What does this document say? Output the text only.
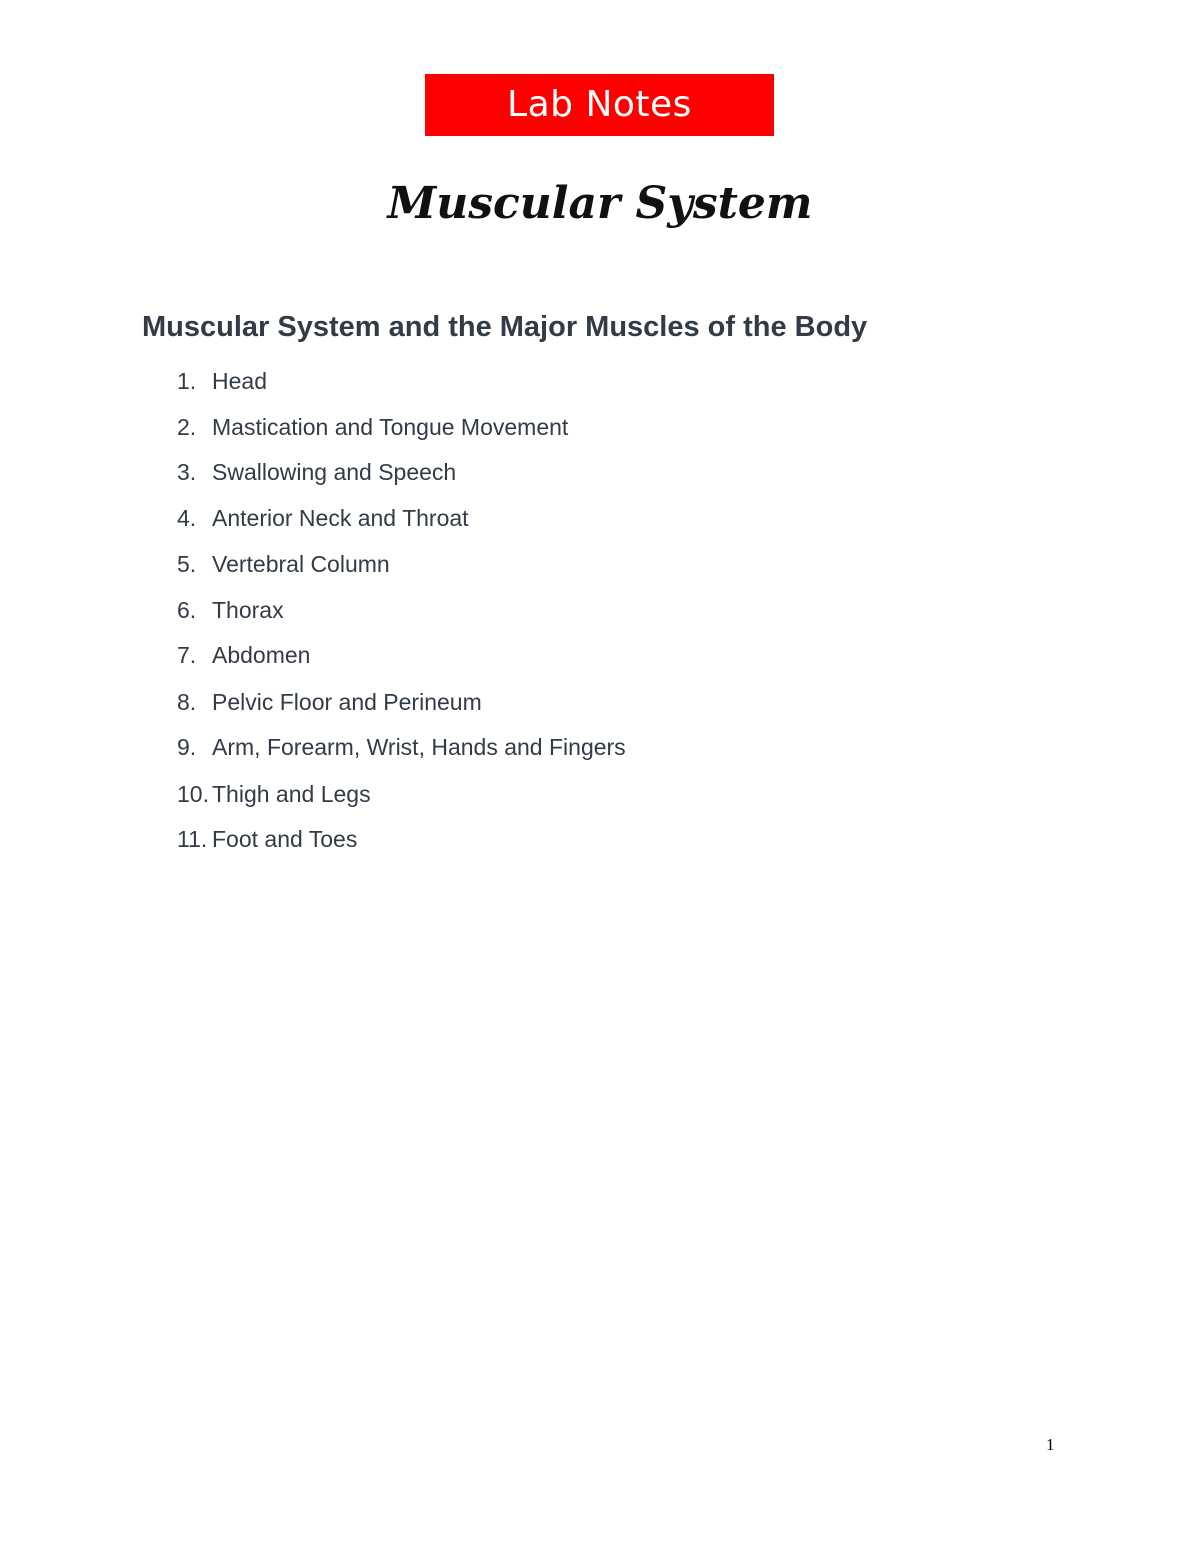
Lab Notes
Muscular System
Muscular System and the Major Muscles of the Body
1. Head
2. Mastication and Tongue Movement
3. Swallowing and Speech
4. Anterior Neck and Throat
5. Vertebral Column
6. Thorax
7. Abdomen
8. Pelvic Floor and Perineum
9. Arm, Forearm, Wrist, Hands and Fingers
10. Thigh and Legs
11. Foot and Toes
1
